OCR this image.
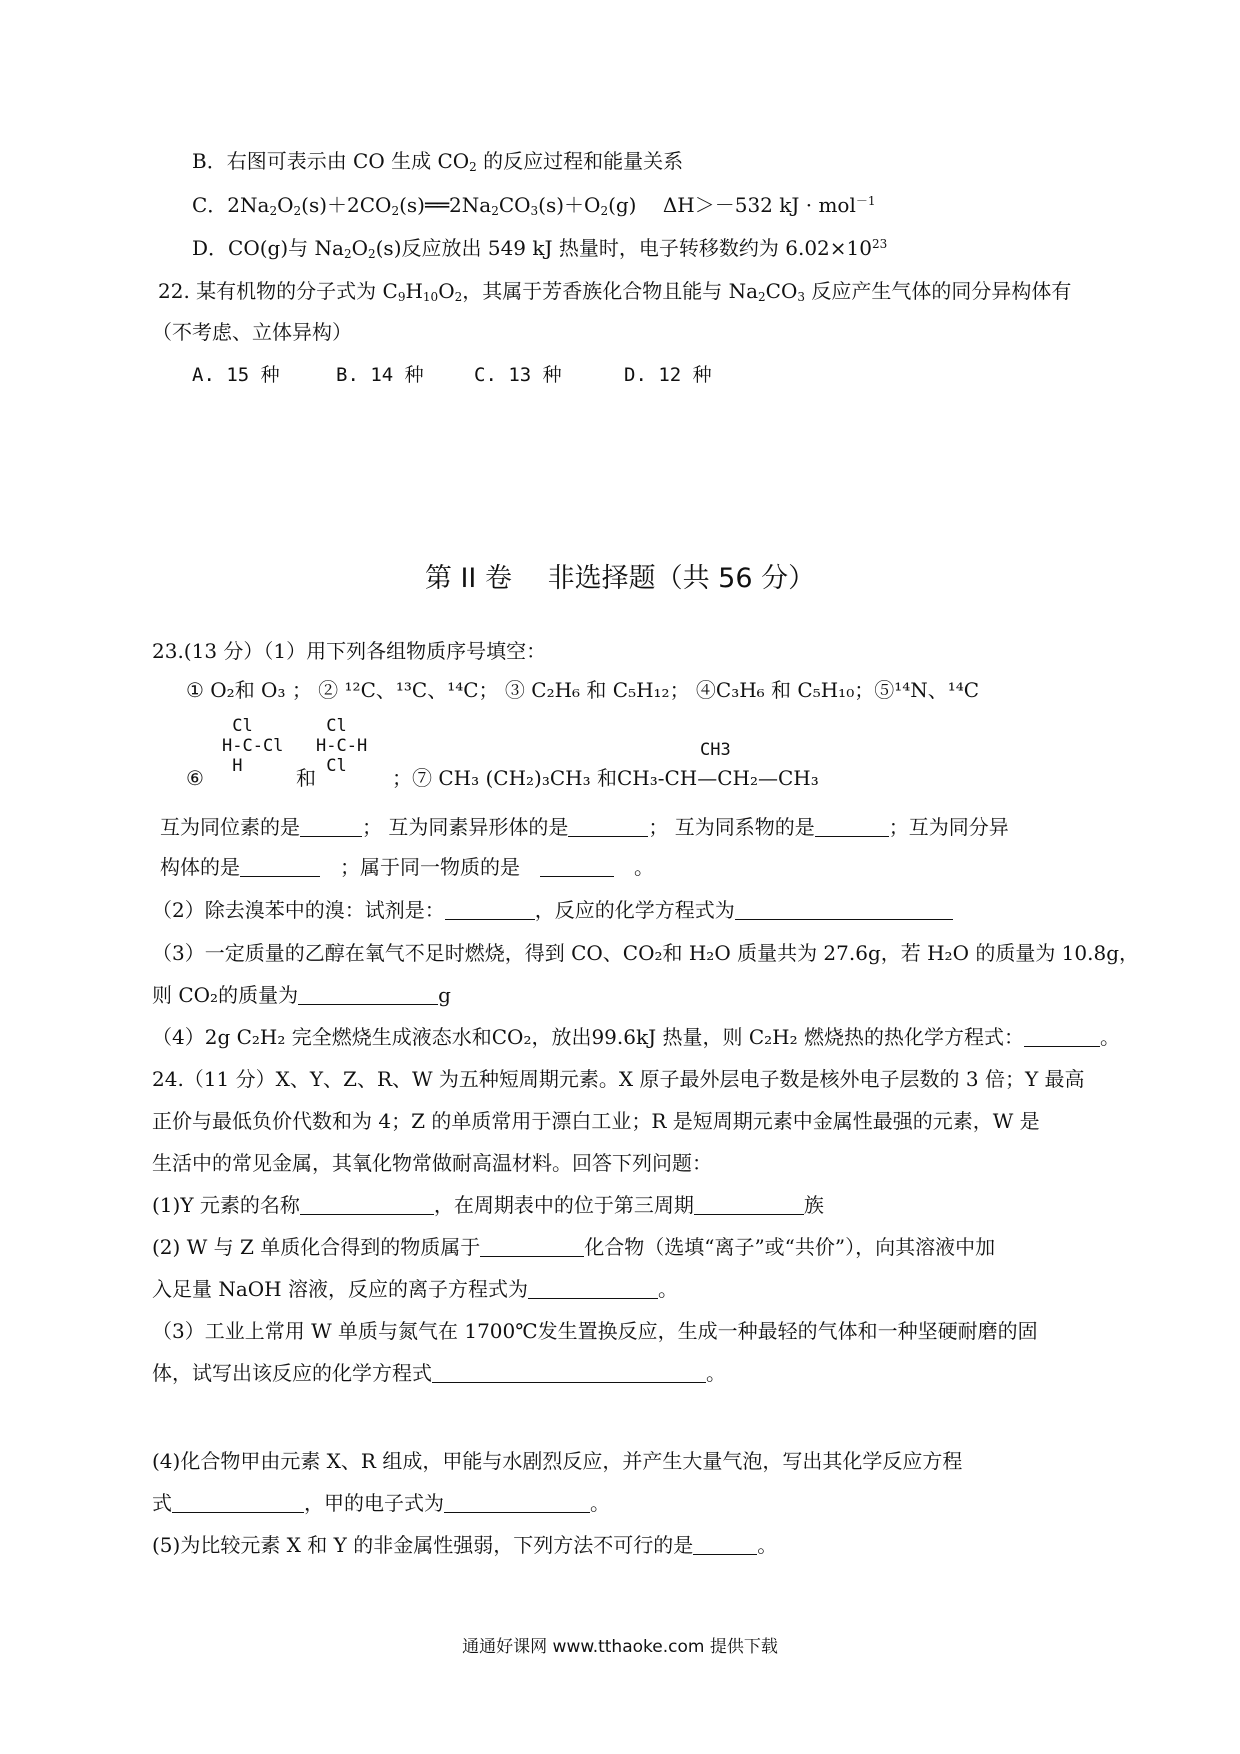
B．右图可表示由 CO 生成 $CO_2$ 的反应过程和能量关系
C．$2Na_2O_2(s)+2CO_2(s)══2Na_2CO_3(s)+O_2(g)$　 ΔH＞－532 kJ · mol$^{-1}$
D．CO(g)与 $Na_2O_2(s)$反应放出 549 kJ 热量时，电子转移数约为 $6.02\times 10^{23}$
22. 某有机物的分子式为 $C_9H_{10}O_2$，其属于芳香族化合物且能与 $Na_2CO_3$ 反应产生气体的同分异构体有
（不考虑、立体异构）
A. 15 种	B. 14 种	C. 13 种	D. 12 种
第 II 卷　 非选择题（共 56 分）
23.(13 分）（1）用下列各组物质序号填空：
① O₂和 O₃ ； ② ¹²C、¹³C、¹⁴C； ③ C₂H₆ 和 C₅H₁₂； ④C₃H₆ 和 C₅H₁₀；⑤¹⁴N、¹⁴C
Cl
H-C-Cl
H
Cl
H-C-H
Cl
CH3
⑥	和	；⑦ CH₃ (CH₂)₃CH₃ 和CH₃-CH—CH₂—CH₃
互为同位素的是	； 互为同素异形体的是	； 互为同系物的是	；互为同分异
构体的是　	；属于同一物质的是　　	。
（2）除去溴苯中的溴：试剂是：	，反应的化学方程式为
（3）一定质量的乙醇在氧气不足时燃烧，得到 CO、CO₂和 H₂O 质量共为 27.6g，若 H₂O 的质量为 10.8g，
则 CO₂的质量为	g
（4）2g C₂H₂ 完全燃烧生成液态水和CO₂，放出99.6kJ 热量，则 C₂H₂ 燃烧热的热化学方程式：	。
24.（11 分）X、Y、Z、R、W 为五种短周期元素。X 原子最外层电子数是核外电子层数的 3 倍；Y 最高
正价与最低负价代数和为 4；Z 的单质常用于漂白工业；R 是短周期元素中金属性最强的元素，W 是
生活中的常见金属，其氧化物常做耐高温材料。回答下列问题：
(1)Y 元素的名称	，在周期表中的位于第三周期	族
(2) W 与 Z 单质化合得到的物质属于	化合物（选填“离子”或“共价”），向其溶液中加
入足量 NaOH 溶液，反应的离子方程式为	。
（3）工业上常用 W 单质与氮气在 1700℃发生置换反应，生成一种最轻的气体和一种坚硬耐磨的固
体，试写出该反应的化学方程式	。
(4)化合物甲由元素 X、R 组成，甲能与水剧烈反应，并产生大量气泡，写出其化学反应方程
式	，甲的电子式为	。
(5)为比较元素 X 和 Y 的非金属性强弱，下列方法不可行的是	。
通通好课网 www.tthaoke.com 提供下载
